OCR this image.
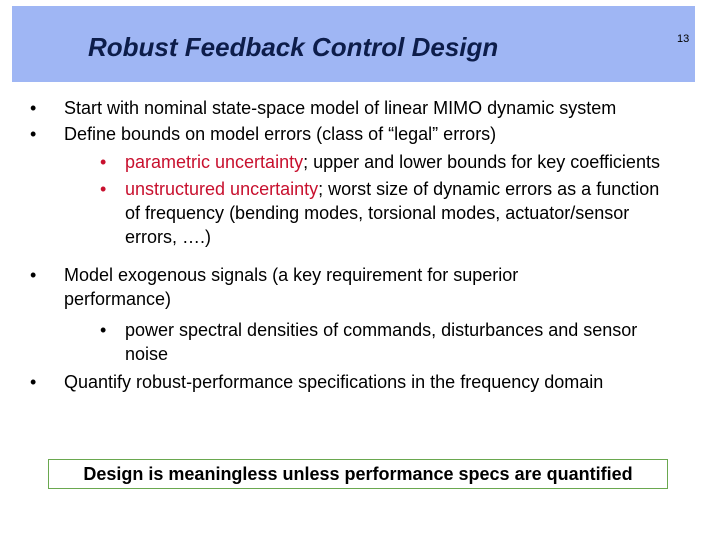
Robust Feedback Control Design	13
• Start with nominal state-space model of linear MIMO dynamic system
• Define bounds on model errors (class of “legal” errors)
• parametric uncertainty; upper and lower bounds for key coefficients
• unstructured uncertainty; worst size of dynamic errors as a function
of frequency (bending modes, torsional modes, actuator/sensor
errors, ….)
• Model exogenous signals (a key requirement for superior
performance)
• power spectral densities of commands, disturbances and sensor
noise
• Quantify robust-performance specifications in the frequency domain
Design is meaningless unless performance specs are quantified
